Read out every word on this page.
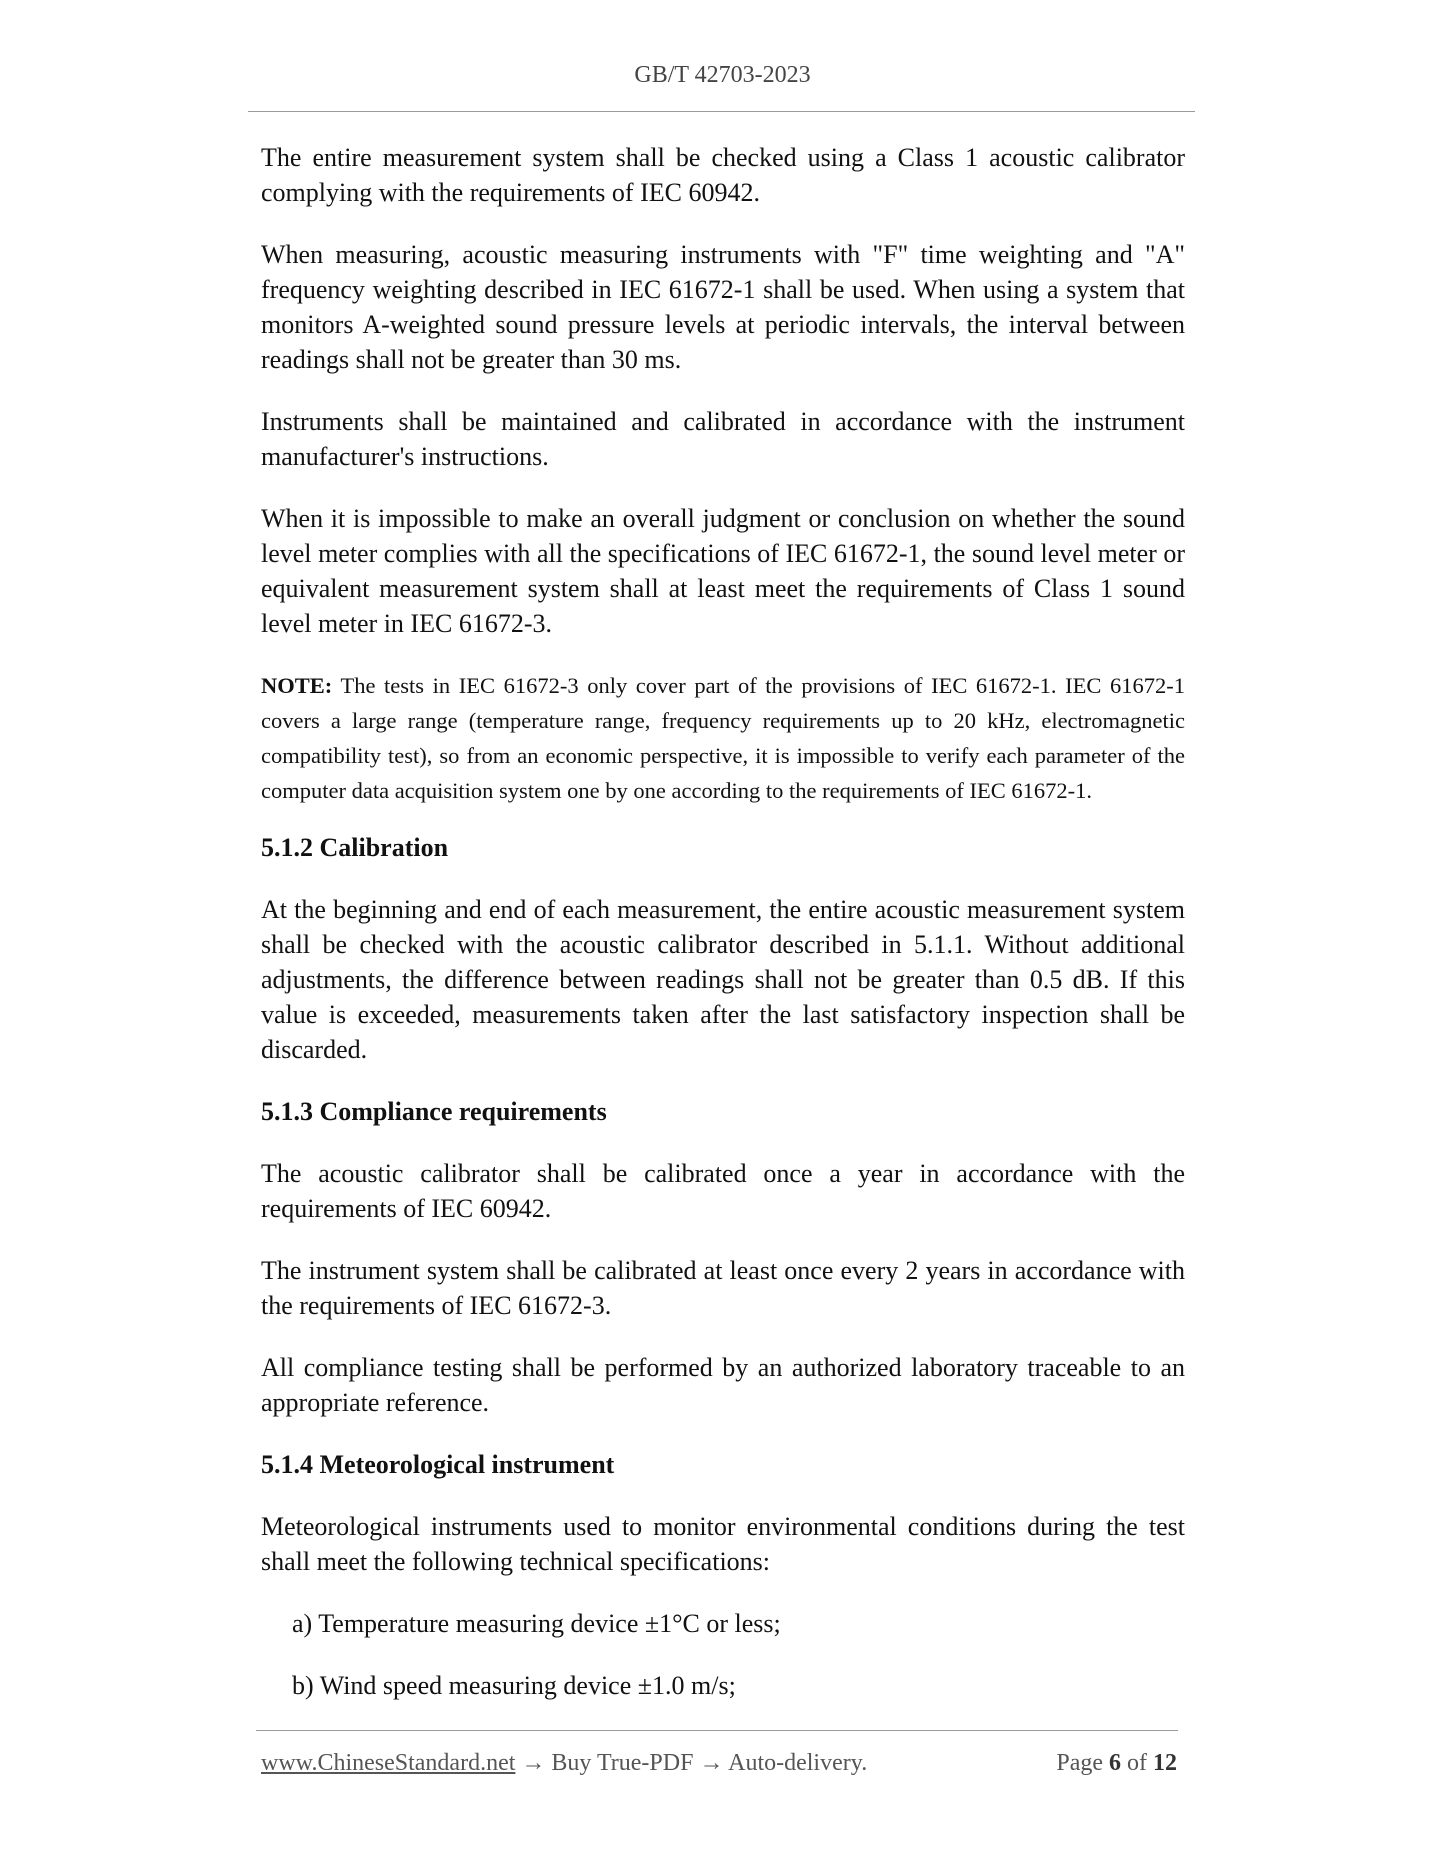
GB/T 42703-2023

The entire measurement system shall be checked using a Class 1 acoustic calibrator complying with the requirements of IEC 60942.

When measuring, acoustic measuring instruments with "F" time weighting and "A" frequency weighting described in IEC 61672-1 shall be used. When using a system that monitors A-weighted sound pressure levels at periodic intervals, the interval between readings shall not be greater than 30 ms.

Instruments shall be maintained and calibrated in accordance with the instrument manufacturer's instructions.

When it is impossible to make an overall judgment or conclusion on whether the sound level meter complies with all the specifications of IEC 61672-1, the sound level meter or equivalent measurement system shall at least meet the requirements of Class 1 sound level meter in IEC 61672-3.

NOTE: The tests in IEC 61672-3 only cover part of the provisions of IEC 61672-1. IEC 61672-1 covers a large range (temperature range, frequency requirements up to 20 kHz, electromagnetic compatibility test), so from an economic perspective, it is impossible to verify each parameter of the computer data acquisition system one by one according to the requirements of IEC 61672-1.

5.1.2 Calibration

At the beginning and end of each measurement, the entire acoustic measurement system shall be checked with the acoustic calibrator described in 5.1.1. Without additional adjustments, the difference between readings shall not be greater than 0.5 dB. If this value is exceeded, measurements taken after the last satisfactory inspection shall be discarded.

5.1.3 Compliance requirements

The acoustic calibrator shall be calibrated once a year in accordance with the requirements of IEC 60942.

The instrument system shall be calibrated at least once every 2 years in accordance with the requirements of IEC 61672-3.

All compliance testing shall be performed by an authorized laboratory traceable to an appropriate reference.

5.1.4 Meteorological instrument

Meteorological instruments used to monitor environmental conditions during the test shall meet the following technical specifications:

a) Temperature measuring device ±1°C or less;
b) Wind speed measuring device ±1.0 m/s;
www.ChineseStandard.net → Buy True-PDF → Auto-delivery.	Page 6 of 12
